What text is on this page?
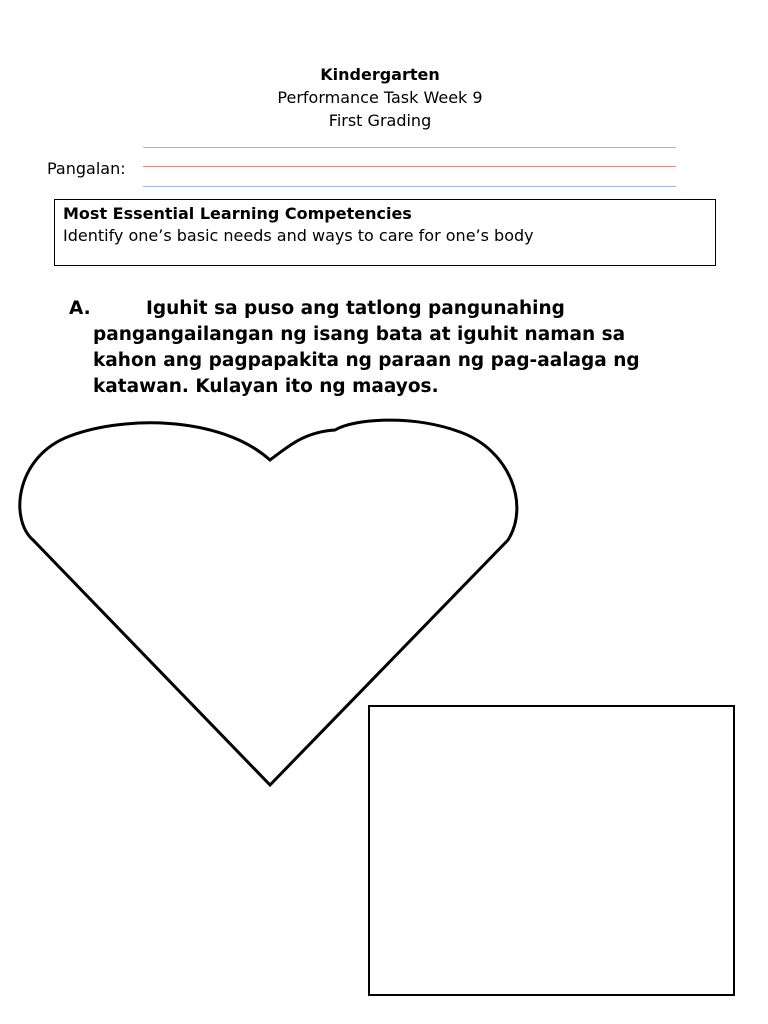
Kindergarten
Performance Task Week 9
First Grading
Pangalan:
Most Essential Learning Competencies
Identify one’s basic needs and ways to care for one’s body
A.	Iguhit sa puso ang tatlong pangunahing
pangangailangan ng isang bata at iguhit naman sa
kahon ang pagpapakita ng paraan ng pag-aalaga ng
katawan. Kulayan ito ng maayos.
